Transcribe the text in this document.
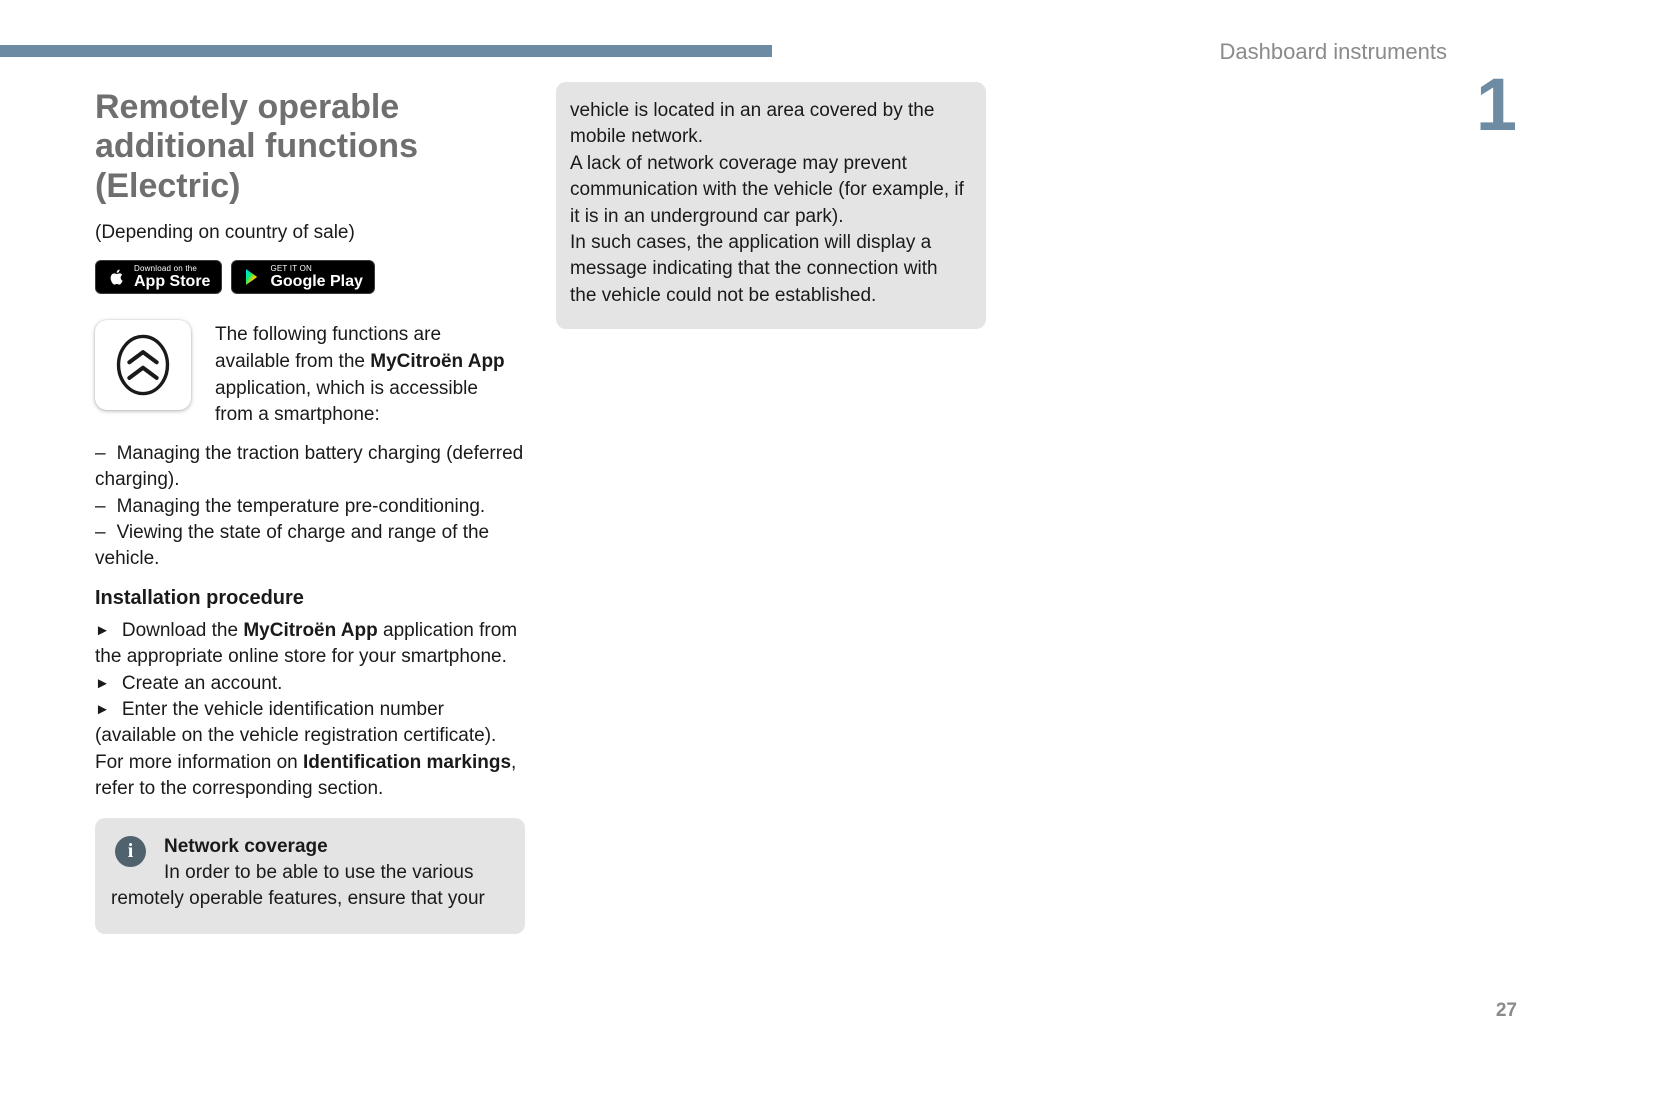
Dashboard instruments
1
Remotely operable additional functions (Electric)

(Depending on country of sale)

Download on the
App Store
GET IT ON
Google Play

The following functions are available from the MyCitroën App application, which is accessible from a smartphone:

– Managing the traction battery charging (deferred charging).

– Managing the temperature pre-conditioning.

– Viewing the state of charge and range of the vehicle.

Installation procedure

► Download the MyCitroën App application from the appropriate online store for your smartphone.

► Create an account.

► Enter the vehicle identification number (available on the vehicle registration certificate).

For more information on Identification markings, refer to the corresponding section.

i	Network coverage
In order to be able to use the various remotely operable features, ensure that your

vehicle is located in an area covered by the mobile network.

A lack of network coverage may prevent communication with the vehicle (for example, if it is in an underground car park).

In such cases, the application will display a message indicating that the connection with the vehicle could not be established.

27
